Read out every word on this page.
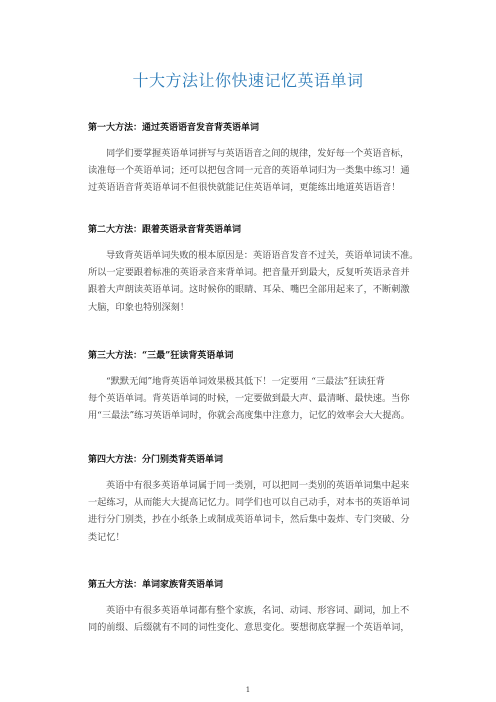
十大方法让你快速记忆英语单词
第一大方法：通过英语语音发音背英语单词
同学们要掌握英语单词拼写与英语语音之间的规律，发好每一个英语音标，
读准每一个英语单词；还可以把包含同一元音的英语单词归为一类集中练习！通
过英语语音背英语单词不但很快就能记住英语单词，更能练出地道英语语音！
第二大方法：跟着英语录音背英语单词
导致背英语单词失败的根本原因是：英语语音发音不过关，英语单词读不准。
所以一定要跟着标准的英语录音来背单词。把音量开到最大，反复听英语录音并
跟着大声朗读英语单词。这时候你的眼睛、耳朵、嘴巴全部用起来了，不断刺激
大脑，印象也特别深刻！
第三大方法：“三最”狂读背英语单词
“默默无闻”地背英语单词效果极其低下！一定要用 “三最法”狂读狂背
每个英语单词。背英语单词的时候，一定要做到最大声、最清晰、最快速。当你
用“三最法”练习英语单词时，你就会高度集中注意力，记忆的效率会大大提高。
第四大方法：分门别类背英语单词
英语中有很多英语单词属于同一类别，可以把同一类别的英语单词集中起来
一起练习，从而能大大提高记忆力。同学们也可以自己动手，对本书的英语单词
进行分门别类，抄在小纸条上或制成英语单词卡，然后集中轰炸、专门突破、分
类记忆！
第五大方法：单词家族背英语单词
英语中有很多英语单词都有整个家族，名词、动词、形容词、副词，加上不
同的前缀、后缀就有不同的词性变化、意思变化。要想彻底掌握一个英语单词，
1
